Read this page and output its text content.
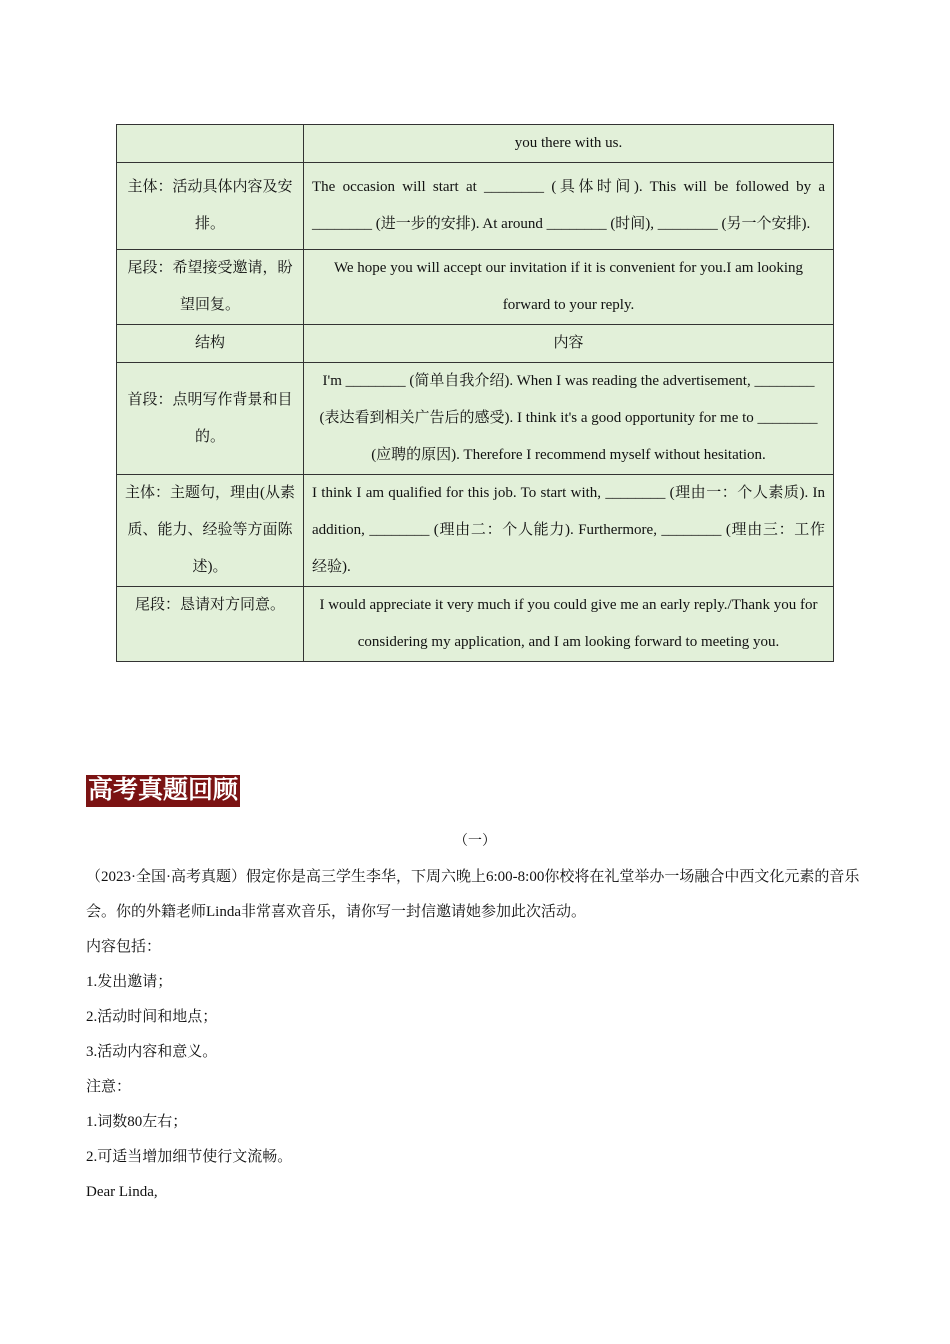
	you there with us.
主体：活动具体内容及安排。	The occasion will start at ________ (具体时间). This will be followed by a ________ (进一步的安排). At around ________ (时间), ________ (另一个安排).
尾段：希望接受邀请，盼望回复。	We hope you will accept our invitation if it is convenient for you.I am looking forward to your reply.
结构	内容
首段：点明写作背景和目的。	I'm ________ (简单自我介绍). When I was reading the advertisement, ________ (表达看到相关广告后的感受). I think it's a good opportunity for me to ________ (应聘的原因). Therefore I recommend myself without hesitation.
主体：主题句，理由(从素质、能力、经验等方面陈述)。	I think I am qualified for this job. To start with, ________ (理由一：个人素质). In addition, ________ (理由二：个人能力). Furthermore, ________ (理由三：工作经验).
尾段：恳请对方同意。	I would appreciate it very much if you could give me an early reply./Thank you for considering my application, and I am looking forward to meeting you.
高考真题回顾
（一）

（2023·全国·高考真题）假定你是高三学生李华，下周六晚上6:00-8:00你校将在礼堂举办一场融合中西文化元素的音乐会。你的外籍老师Linda非常喜欢音乐，请你写一封信邀请她参加此次活动。

内容包括：

1.发出邀请；

2.活动时间和地点；

3.活动内容和意义。

注意：

1.词数80左右；

2.可适当增加细节使行文流畅。

Dear Linda,
